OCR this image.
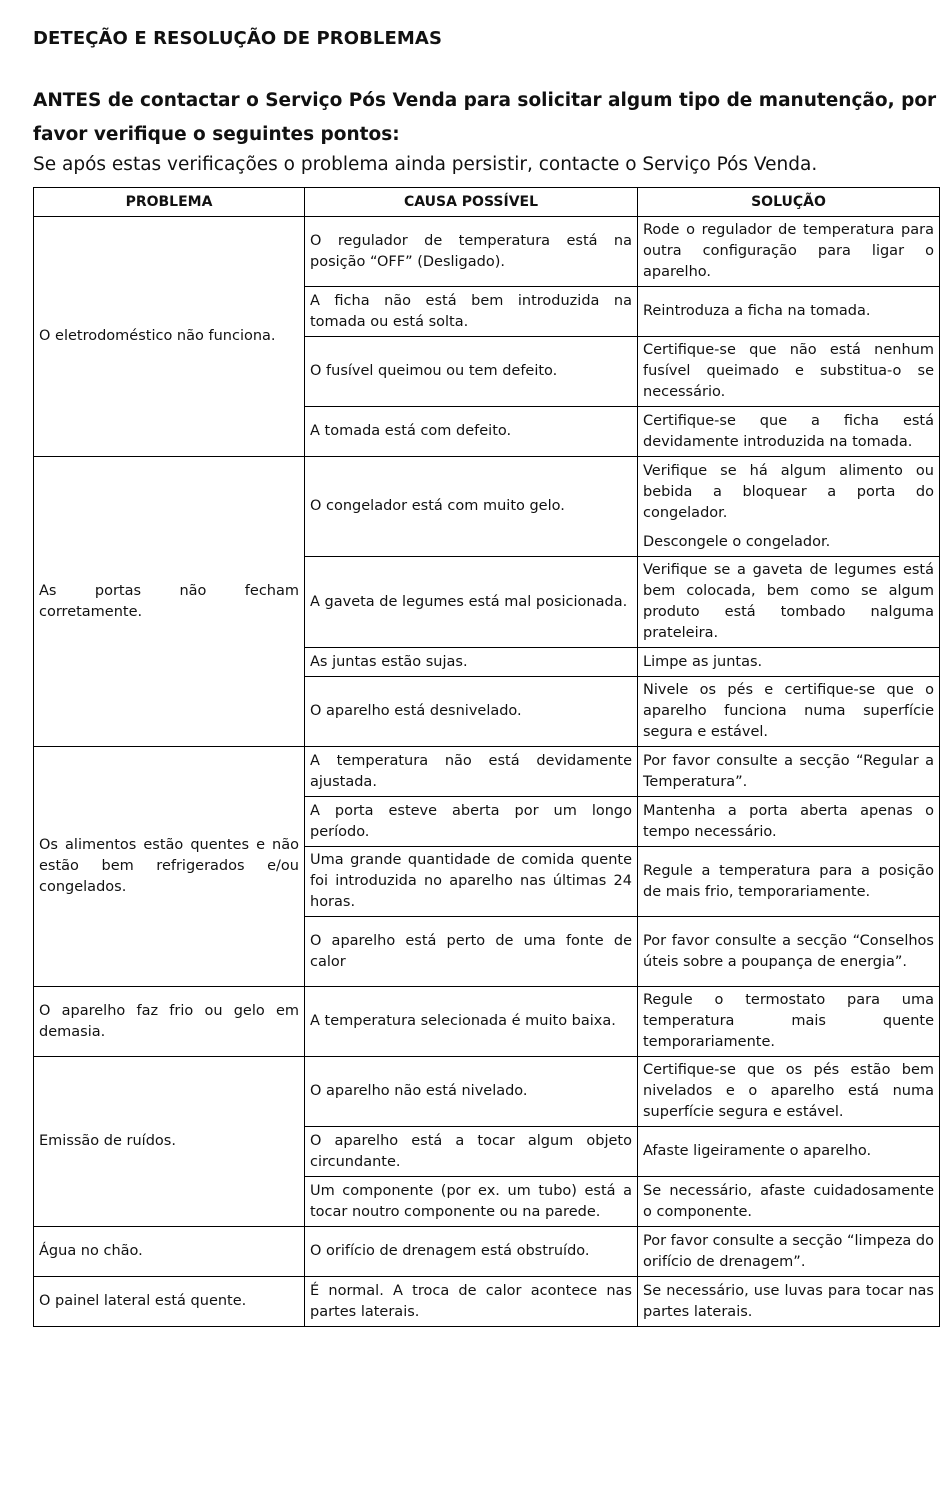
DETEÇÃO E RESOLUÇÃO DE PROBLEMAS
ANTES de contactar o Serviço Pós Venda para solicitar algum tipo de manutenção, por favor verifique o seguintes pontos:
Se após estas verificações o problema ainda persistir, contacte o Serviço Pós Venda.
PROBLEMA	CAUSA POSSÍVEL	SOLUÇÃO
O eletrodoméstico não funciona.	O regulador de temperatura está na posição “OFF” (Desligado).	Rode o regulador de temperatura para outra configuração para ligar o aparelho.
	A ficha não está bem introduzida na tomada ou está solta.	Reintroduza a ficha na tomada.
	O fusível queimou ou tem defeito.	Certifique-se que não está nenhum fusível queimado e substitua-o se necessário.
	A tomada está com defeito.	Certifique-se que a ficha está devidamente introduzida na tomada.
As portas não fecham corretamente.	O congelador está com muito gelo.	Verifique se há algum alimento ou bebida a bloquear a porta do congelador.
Descongele o congelador.

	A gaveta de legumes está mal posicionada.	Verifique se a gaveta de legumes está bem colocada, bem como se algum produto está tombado nalguma prateleira.
	As juntas estão sujas.	Limpe as juntas.
	O aparelho está desnivelado.	Nivele os pés e certifique-se que o aparelho funciona numa superfície segura e estável.
Os alimentos estão quentes e não estão bem refrigerados e/ou congelados.	A temperatura não está devidamente ajustada.	Por favor consulte a secção “Regular a Temperatura”.
	A porta esteve aberta por um longo período.	Mantenha a porta aberta apenas o tempo necessário.
	Uma grande quantidade de comida quente foi introduzida no aparelho nas últimas 24 horas.	Regule a temperatura para a posição de mais frio, temporariamente.
	O aparelho está perto de uma fonte de calor	Por favor consulte a secção “Conselhos úteis sobre a poupança de energia”.
O aparelho faz frio ou gelo em demasia.	A temperatura selecionada é muito baixa.	Regule o termostato para uma temperatura mais quente temporariamente.
Emissão de ruídos.	O aparelho não está nivelado.	Certifique-se que os pés estão bem nivelados e o aparelho está numa superfície segura e estável.
	O aparelho está a tocar algum objeto circundante.	Afaste ligeiramente o aparelho.
	Um componente (por ex. um tubo) está a tocar noutro componente ou na parede.	Se necessário, afaste cuidadosamente o componente.
Água no chão.	O orifício de drenagem está obstruído.	Por favor consulte a secção “limpeza do orifício de drenagem”.
O painel lateral está quente.	É normal. A troca de calor acontece nas partes laterais.	Se necessário, use luvas para tocar nas partes laterais.
